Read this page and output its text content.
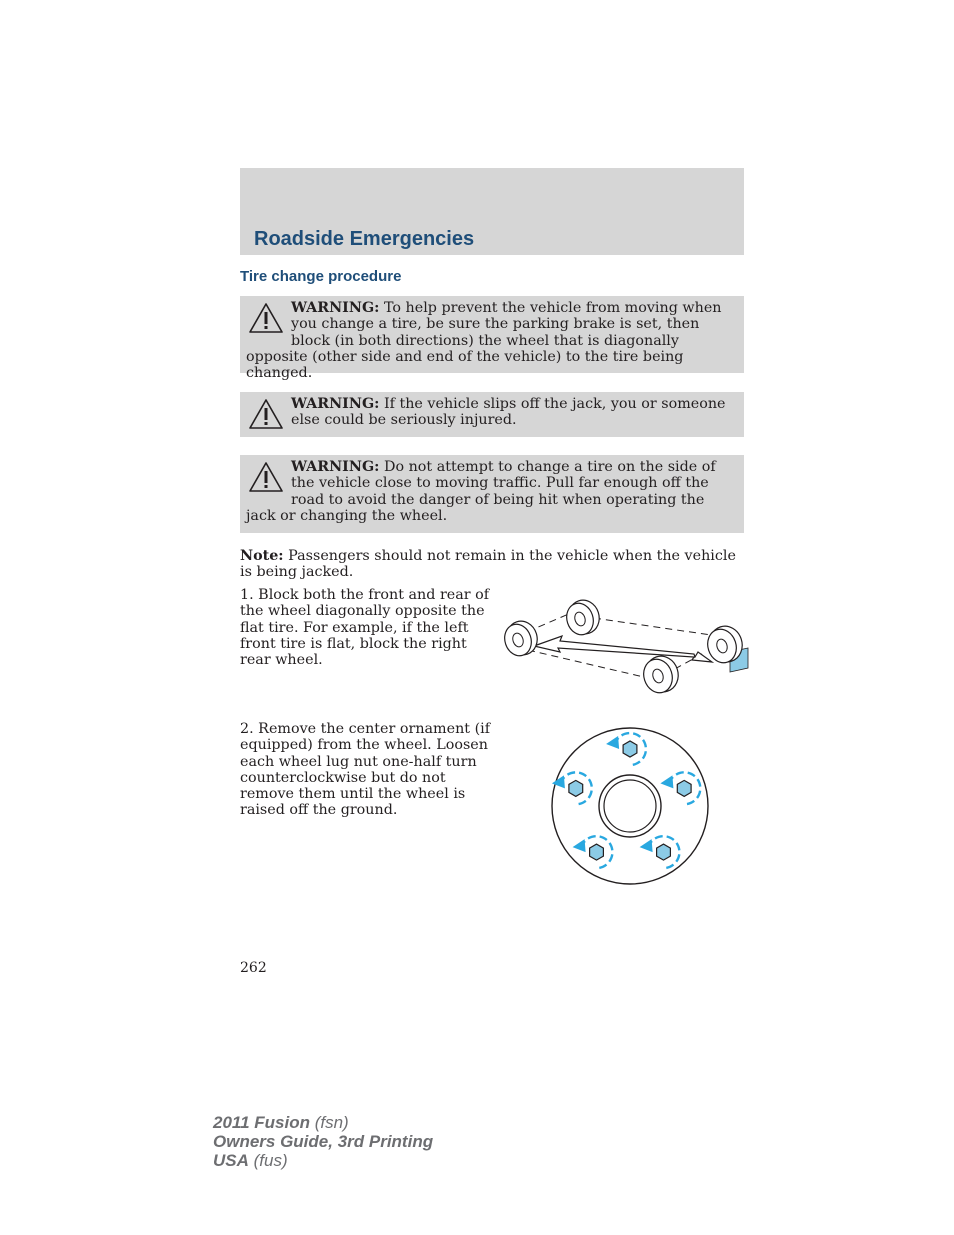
Roadside Emergencies
Tire change procedure
WARNING: To help prevent the vehicle from moving when you change a tire, be sure the parking brake is set, then block (in both directions) the wheel that is diagonally opposite (other side and end of the vehicle) to the tire being changed.
WARNING: If the vehicle slips off the jack, you or someone else could be seriously injured.
WARNING: Do not attempt to change a tire on the side of the vehicle close to moving traffic. Pull far enough off the road to avoid the danger of being hit when operating the jack or changing the wheel.
Note: Passengers should not remain in the vehicle when the vehicle is being jacked.
1. Block both the front and rear of the wheel diagonally opposite the flat tire. For example, if the left front tire is flat, block the right rear wheel.
2. Remove the center ornament (if equipped) from the wheel. Loosen each wheel lug nut one-half turn counterclockwise but do not remove them until the wheel is raised off the ground.
262
2011 Fusion (fsn)
Owners Guide, 3rd Printing
USA (fus)
